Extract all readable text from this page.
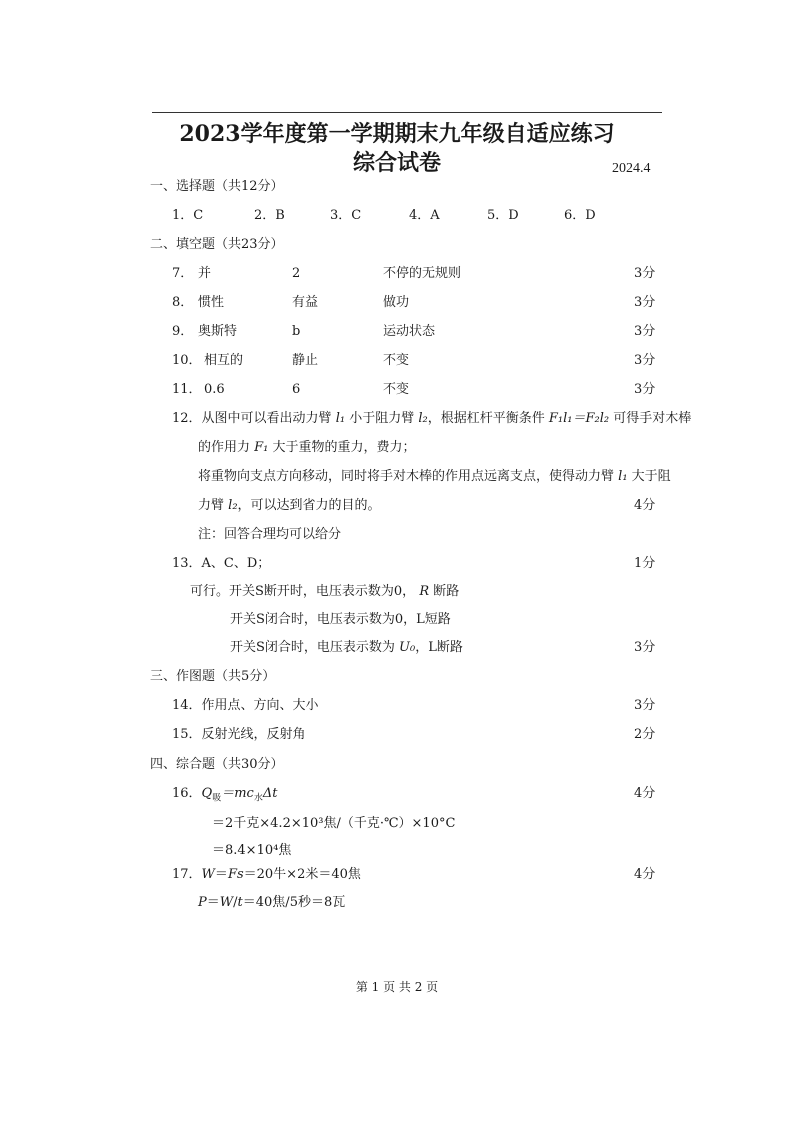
2023学年度第一学期期末九年级自适应练习
综合试卷	2024.4
一、选择题（共12分）
1．C	2．B	3．C	4．A	5．D	6．D
二、填空题（共23分）
7． 并	2	不停的无规则	3分
8． 惯性	有益	做功	3分
9． 奥斯特	b	运动状态	3分
10． 相互的	静止	不变	3分
11． 0.6	6	不变	3分
12．从图中可以看出动力臂 l₁ 小于阻力臂 l₂，根据杠杆平衡条件 F₁l₁＝F₂l₂ 可得手对木棒
的作用力 F₁ 大于重物的重力，费力；
将重物向支点方向移动，同时将手对木棒的作用点远离支点，使得动力臂 l₁ 大于阻
力臂 l₂，可以达到省力的目的。	4分
注：回答合理均可以给分
13．A、C、D；	1分
可行。开关S断开时，电压表示数为0， R 断路
开关S闭合时，电压表示数为0，L短路
开关S闭合时，电压表示数为 U₀，L断路	3分
三、作图题（共5分）
14．作用点、方向、大小	3分
15．反射光线，反射角	2分
四、综合题（共30分）
16．$Q_吸=mc_水\Delta t$	4分
＝2千克×4.2×10³焦/（千克·℃）×10°C
＝8.4×10⁴焦
17．W＝Fs＝20牛×2米＝40焦	4分
P＝W/t＝40焦/5秒＝8瓦
第 1 页 共 2 页
